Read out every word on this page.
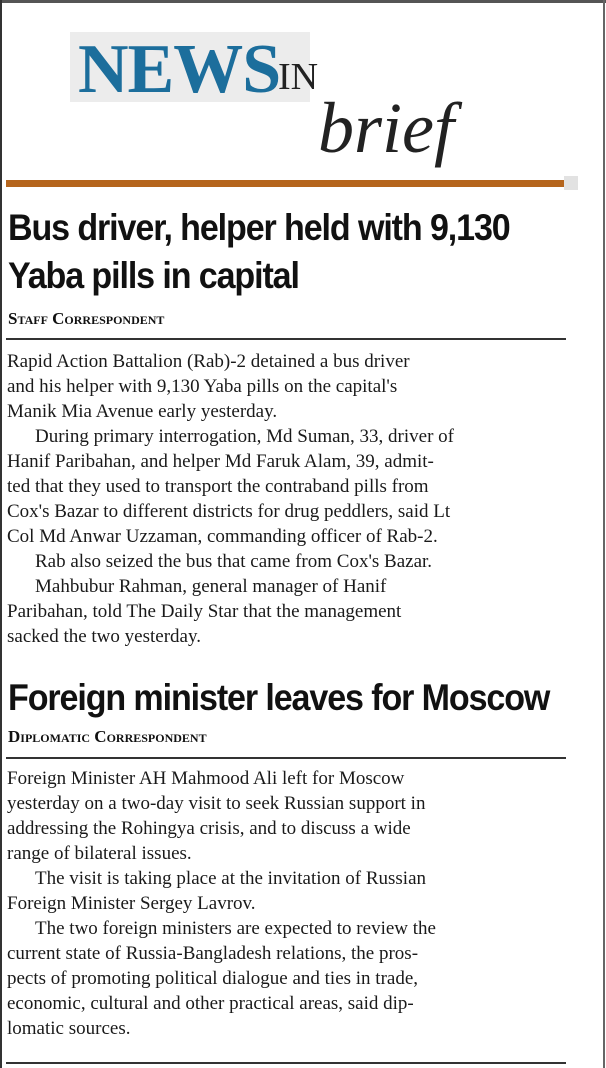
NEWS
IN
brief
Bus driver, helper held with 9,130
Yaba pills in capital
Staff Correspondent

Rapid Action Battalion (Rab)-2 detained a bus driver
and his helper with 9,130 Yaba pills on the capital's
Manik Mia Avenue early yesterday.

During primary interrogation, Md Suman, 33, driver of
Hanif Paribahan, and helper Md Faruk Alam, 39, admit-
ted that they used to transport the contraband pills from
Cox's Bazar to different districts for drug peddlers, said Lt
Col Md Anwar Uzzaman, commanding officer of Rab-2.

Rab also seized the bus that came from Cox's Bazar.

Mahbubur Rahman, general manager of Hanif
Paribahan, told The Daily Star that the management
sacked the two yesterday.

Foreign minister leaves for Moscow
Diplomatic Correspondent

Foreign Minister AH Mahmood Ali left for Moscow
yesterday on a two-day visit to seek Russian support in
addressing the Rohingya crisis, and to discuss a wide
range of bilateral issues.

The visit is taking place at the invitation of Russian
Foreign Minister Sergey Lavrov.

The two foreign ministers are expected to review the
current state of Russia-Bangladesh relations, the pros-
pects of promoting political dialogue and ties in trade,
economic, cultural and other practical areas, said dip-
lomatic sources.
